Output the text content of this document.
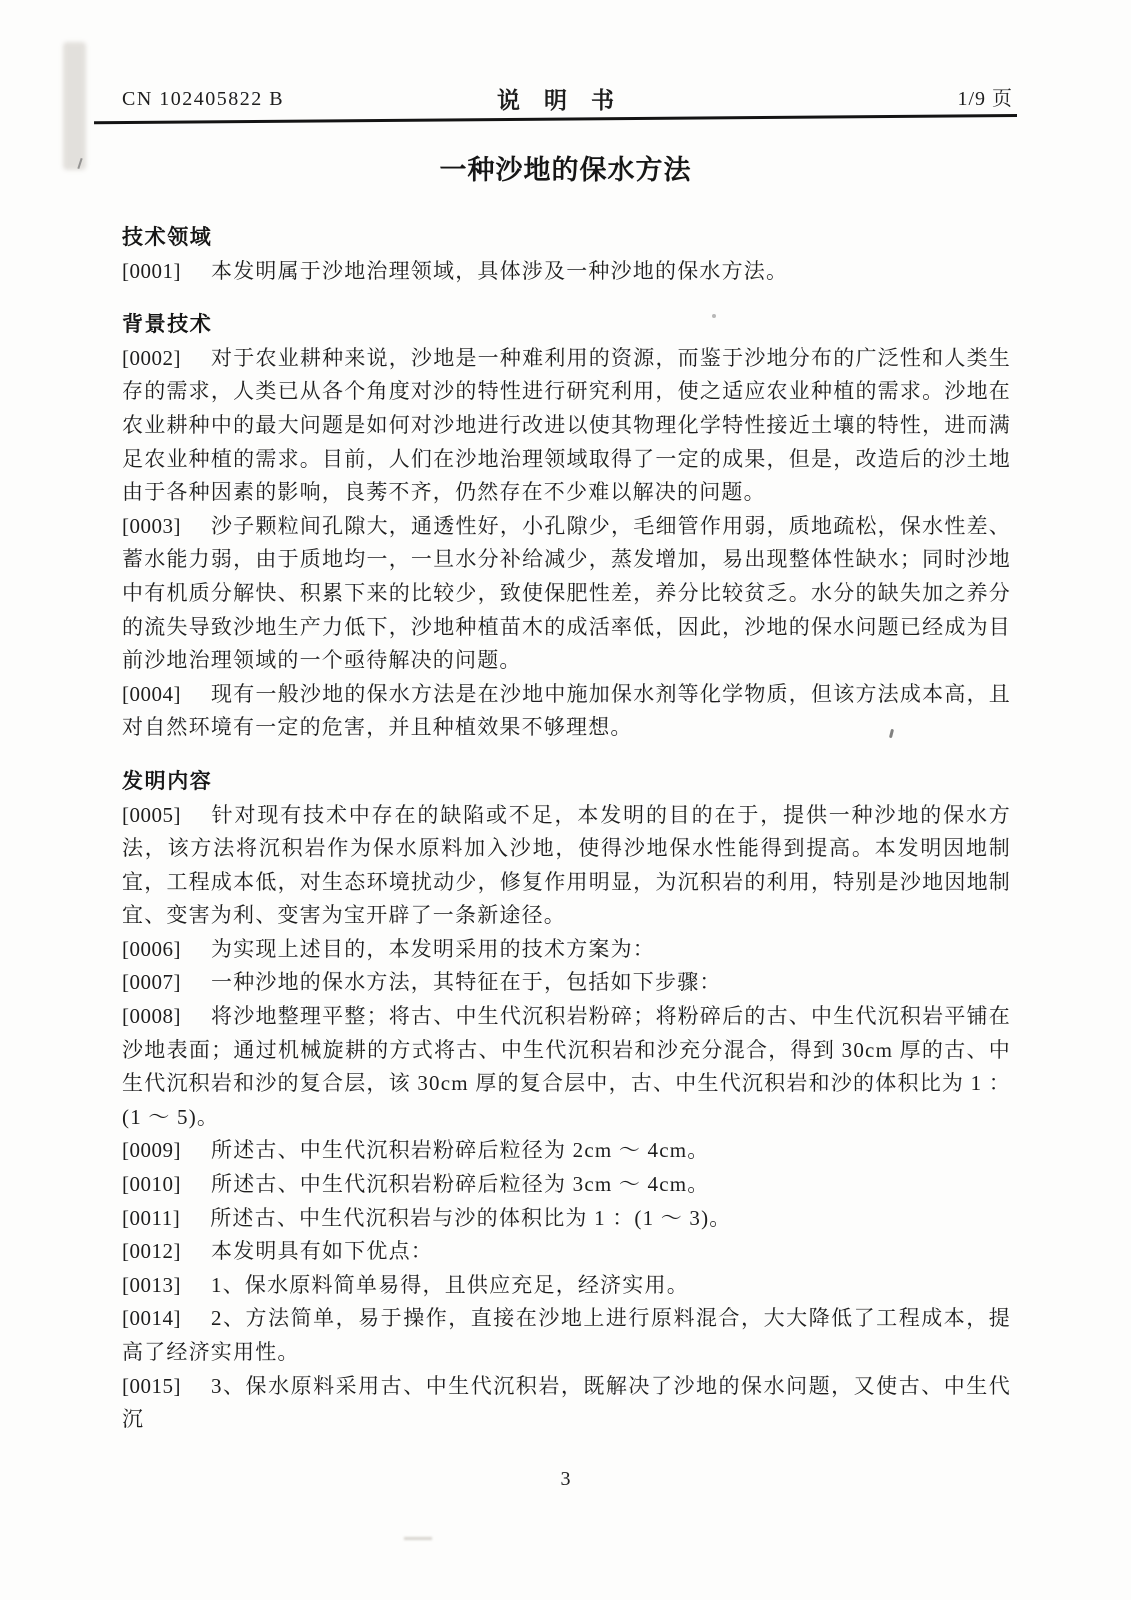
CN 102405822 B	说明书	1/9 页
一种沙地的保水方法
技术领域

[0001] 本发明属于沙地治理领域，具体涉及一种沙地的保水方法。

背景技术

[0002] 对于农业耕种来说，沙地是一种难利用的资源，而鉴于沙地分布的广泛性和人类生存的需求，人类已从各个角度对沙的特性进行研究利用，使之适应农业种植的需求。沙地在农业耕种中的最大问题是如何对沙地进行改进以使其物理化学特性接近土壤的特性，进而满足农业种植的需求。目前，人们在沙地治理领域取得了一定的成果，但是，改造后的沙土地由于各种因素的影响，良莠不齐，仍然存在不少难以解决的问题。

[0003] 沙子颗粒间孔隙大，通透性好，小孔隙少，毛细管作用弱，质地疏松，保水性差、蓄水能力弱，由于质地均一，一旦水分补给减少，蒸发增加，易出现整体性缺水；同时沙地中有机质分解快、积累下来的比较少，致使保肥性差，养分比较贫乏。水分的缺失加之养分的流失导致沙地生产力低下，沙地种植苗木的成活率低，因此，沙地的保水问题已经成为目前沙地治理领域的一个亟待解决的问题。

[0004] 现有一般沙地的保水方法是在沙地中施加保水剂等化学物质，但该方法成本高，且对自然环境有一定的危害，并且种植效果不够理想。

发明内容

[0005] 针对现有技术中存在的缺陷或不足，本发明的目的在于，提供一种沙地的保水方法，该方法将沉积岩作为保水原料加入沙地，使得沙地保水性能得到提高。本发明因地制宜，工程成本低，对生态环境扰动少，修复作用明显，为沉积岩的利用，特别是沙地因地制宜、变害为利、变害为宝开辟了一条新途径。

[0006] 为实现上述目的，本发明采用的技术方案为：

[0007] 一种沙地的保水方法，其特征在于，包括如下步骤：

[0008] 将沙地整理平整；将古、中生代沉积岩粉碎；将粉碎后的古、中生代沉积岩平铺在沙地表面；通过机械旋耕的方式将古、中生代沉积岩和沙充分混合，得到 30cm 厚的古、中生代沉积岩和沙的复合层，该 30cm 厚的复合层中，古、中生代沉积岩和沙的体积比为 1 ：(1 ～ 5)。

[0009] 所述古、中生代沉积岩粉碎后粒径为 2cm ～ 4cm。

[0010] 所述古、中生代沉积岩粉碎后粒径为 3cm ～ 4cm。

[0011] 所述古、中生代沉积岩与沙的体积比为 1 ：(1 ～ 3)。

[0012] 本发明具有如下优点：

[0013] 1、保水原料简单易得，且供应充足，经济实用。

[0014] 2、方法简单，易于操作，直接在沙地上进行原料混合，大大降低了工程成本，提高了经济实用性。

[0015] 3、保水原料采用古、中生代沉积岩，既解决了沙地的保水问题，又使古、中生代沉

3
